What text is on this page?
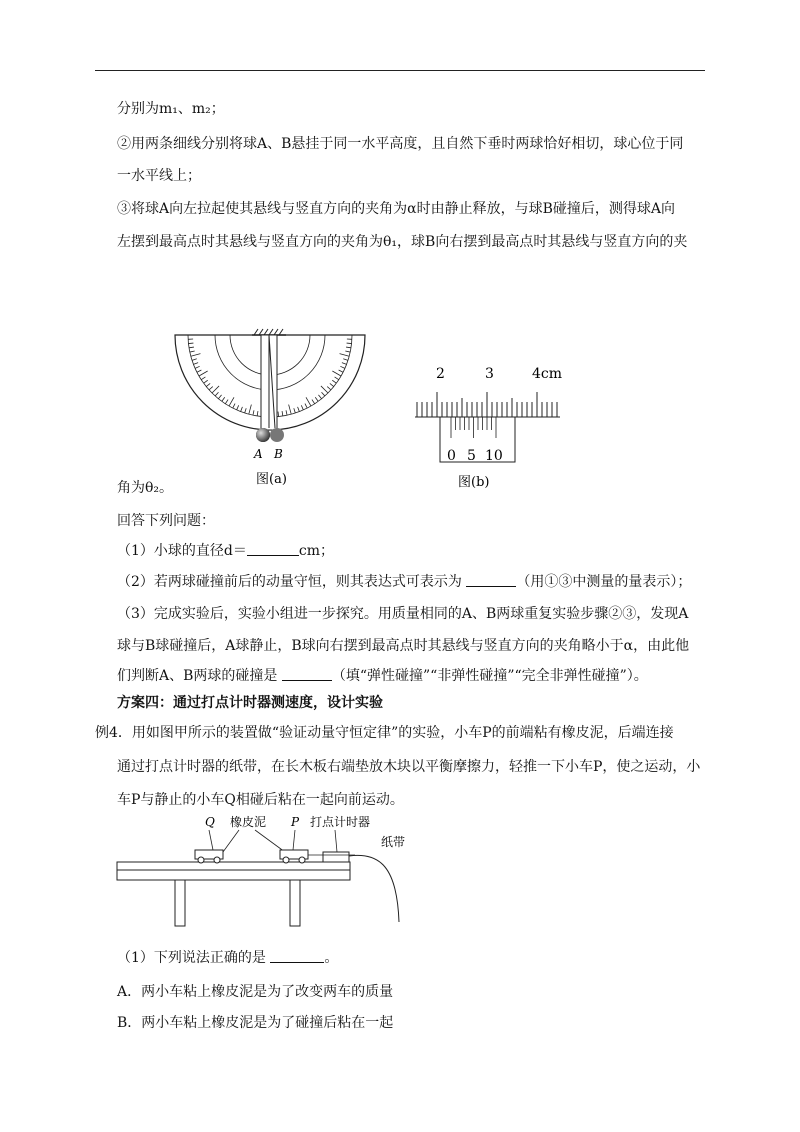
分别为m₁、m₂；
②用两条细线分别将球A、B悬挂于同一水平高度，且自然下垂时两球恰好相切，球心位于同
一水平线上；
③将球A向左拉起使其悬线与竖直方向的夹角为α时由静止释放，与球B碰撞后，测得球A向
左摆到最高点时其悬线与竖直方向的夹角为θ₁，球B向右摆到最高点时其悬线与竖直方向的夹
A B
图(a)
2	3	4cm
0 5 10
图(b)
角为θ₂。
回答下列问题：
（1）小球的直径d＝	cm；
（2）若两球碰撞前后的动量守恒，则其表达式可表示为	（用①③中测量的量表示）；
（3）完成实验后，实验小组进一步探究。用质量相同的A、B两球重复实验步骤②③，发现A
球与B球碰撞后，A球静止，B球向右摆到最高点时其悬线与竖直方向的夹角略小于α，由此他
们判断A、B两球的碰撞是	（填“弹性碰撞”“非弹性碰撞”“完全非弹性碰撞”）。
方案四：通过打点计时器测速度，设计实验
例4．用如图甲所示的装置做“验证动量守恒定律”的实验，小车P的前端粘有橡皮泥，后端连接
通过打点计时器的纸带，在长木板右端垫放木块以平衡摩擦力，轻推一下小车P，使之运动，小
车P与静止的小车Q相碰后粘在一起向前运动。
Q 橡皮泥 P 打点计时器
纸带
（1）下列说法正确的是	。
A．两小车粘上橡皮泥是为了改变两车的质量
B．两小车粘上橡皮泥是为了碰撞后粘在一起
